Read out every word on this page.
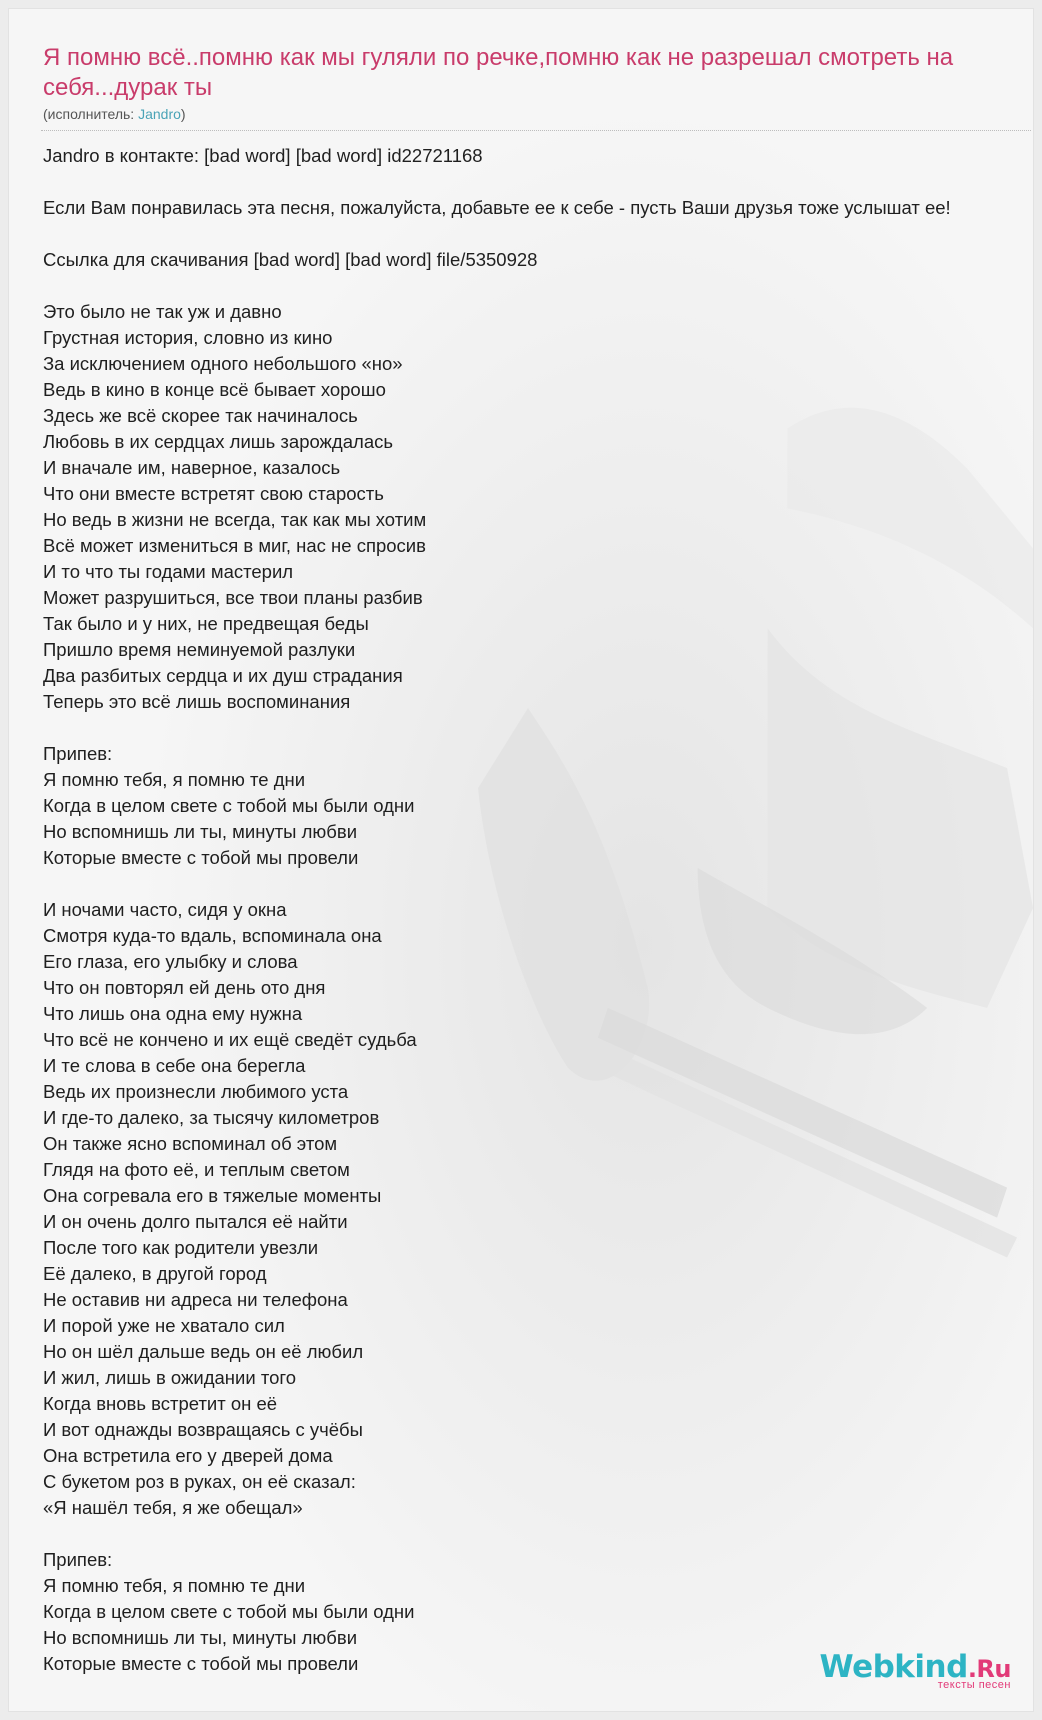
Я помню всё..помню как мы гуляли по речке,помню как не разрешал смотреть на себя...дурак ты
(исполнитель: Jandro)
Jandro в контакте: [bad word] [bad word] id22721168
Если Вам понравилась эта песня, пожалуйста, добавьте ее к себе - пусть Ваши друзья тоже услышат ее!
Ссылка для скачивания [bad word] [bad word] file/5350928
Это было не так уж и давно
Грустная история, словно из кино
За исключением одного небольшого «но»
Ведь в кино в конце всё бывает хорошо
Здесь же всё скорее так начиналось
Любовь в их сердцах лишь зарождалась
И вначале им, наверное, казалось
Что они вместе встретят свою старость
Но ведь в жизни не всегда, так как мы хотим
Всё может измениться в миг, нас не спросив
И то что ты годами мастерил
Может разрушиться, все твои планы разбив
Так было и у них, не предвещая беды
Пришло время неминуемой разлуки
Два разбитых сердца и их душ страдания
Теперь это всё лишь воспоминания
Припев:
Я помню тебя, я помню те дни
Когда в целом свете с тобой мы были одни
Но вспомнишь ли ты, минуты любви
Которые вместе с тобой мы провели
И ночами часто, сидя у окна
Смотря куда-то вдаль, вспоминала она
Его глаза, его улыбку и слова
Что он повторял ей день ото дня
Что лишь она одна ему нужна
Что всё не кончено и их ещё сведёт судьба
И те слова в себе она берегла
Ведь их произнесли любимого уста
И где-то далеко, за тысячу километров
Он также ясно вспоминал об этом
Глядя на фото её, и теплым светом
Она согревала его в тяжелые моменты
И он очень долго пытался её найти
После того как родители увезли
Её далеко, в другой город
Не оставив ни адреса ни телефона
И порой уже не хватало сил
Но он шёл дальше ведь он её любил
И жил, лишь в ожидании того
Когда вновь встретит он её
И вот однажды возвращаясь с учёбы
Она встретила его у дверей дома
С букетом роз в руках, он её сказал:
«Я нашёл тебя, я же обещал»
Припев:
Я помню тебя, я помню те дни
Когда в целом свете с тобой мы были одни
Но вспомнишь ли ты, минуты любви
Которые вместе с тобой мы провели	Webkind.Ru
тексты песен
